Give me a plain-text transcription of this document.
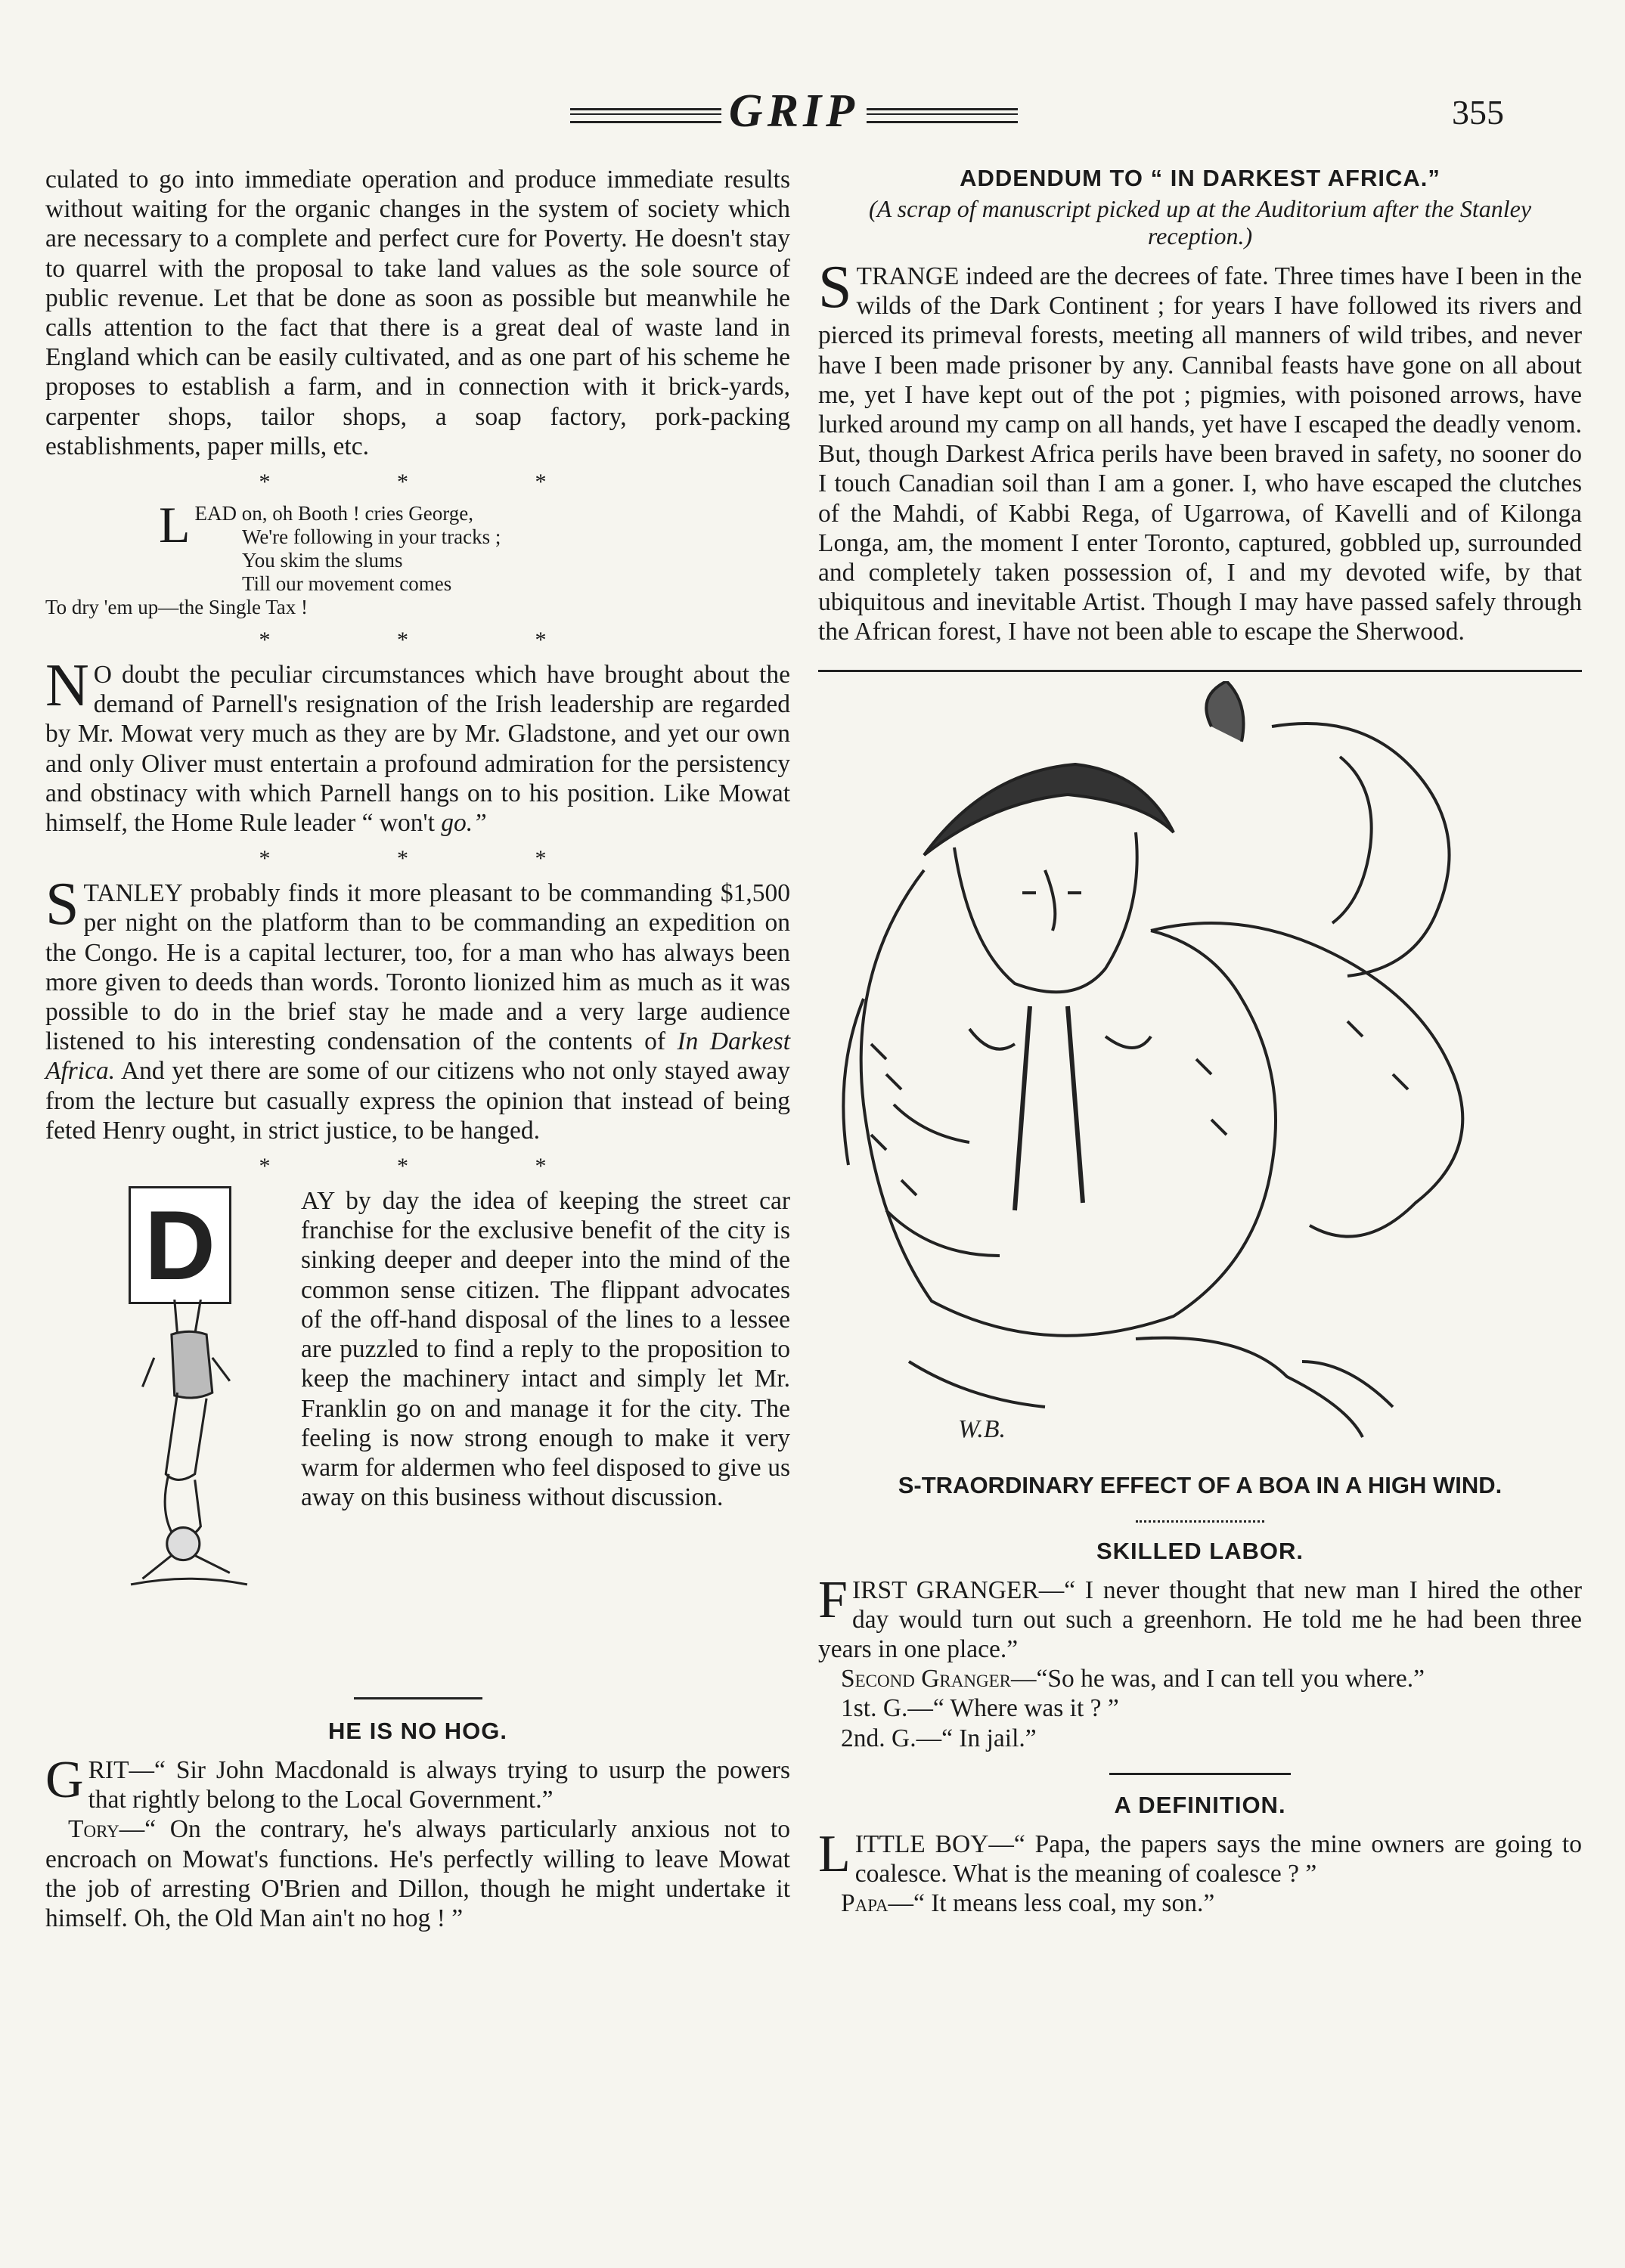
GRIP	355

culated to go into immediate operation and produce immediate results without waiting for the organic changes in the system of society which are necessary to a complete and perfect cure for Poverty. He doesn't stay to quarrel with the proposal to take land values as the sole source of public revenue. Let that be done as soon as possible but meanwhile he calls attention to the fact that there is a great deal of waste land in England which can be easily cultivated, and as one part of his scheme he proposes to establish a farm, and in connection with it brick-yards, carpenter shops, tailor shops, a soap factory, pork-packing establishments, paper mills, etc.

* * *
L EAD on, oh Booth ! cries George,
We're following in your tracks ;
You skim the slums
Till our movement comes
To dry 'em up—the Single Tax !
* * *

N O doubt the peculiar circumstances which have brought about the demand of Parnell's resignation of the Irish leadership are regarded by Mr. Mowat very much as they are by Mr. Gladstone, and yet our own and only Oliver must entertain a profound admiration for the persistency and obstinacy with which Parnell hangs on to his position. Like Mowat himself, the Home Rule leader “ won't go.”

* * *

STANLEY probably finds it more pleasant to be commanding $1,500 per night on the platform than to be commanding an expedition on the Congo. He is a capital lecturer, too, for a man who has always been more given to deeds than words. Toronto lionized him as much as it was possible to do in the brief stay he made and a very large audience listened to his interesting condensation of the contents of In Darkest Africa. And yet there are some of our citizens who not only stayed away from the lecture but casually express the opinion that instead of being feted Henry ought, in strict justice, to be hanged.

* * *
D	AY by day the idea of keeping the street car franchise for the exclusive benefit of the city is sinking deeper and deeper into the mind of the common sense citizen. The flippant advocates of the off-hand disposal of the lines to a lessee are puzzled to find a reply to the proposition to keep the machinery intact and simply let Mr. Franklin go on and manage it for the city. The feeling is now strong enough to make it very warm for aldermen who feel disposed to give us away on this business without discussion.

HE IS NO HOG.

GRIT—“ Sir John Macdonald is always trying to usurp the powers that rightly belong to the Local Government.”

Tory—“ On the contrary, he's always particularly anxious not to encroach on Mowat's functions. He's perfectly willing to leave Mowat the job of arresting O'Brien and Dillon, though he might undertake it himself. Oh, the Old Man ain't no hog ! ”

ADDENDUM TO “ IN DARKEST AFRICA.”
(A scrap of manuscript picked up at the Auditorium after the Stanley reception.)

STRANGE indeed are the decrees of fate. Three times have I been in the wilds of the Dark Continent ; for years I have followed its rivers and pierced its primeval forests, meeting all manners of wild tribes, and never have I been made prisoner by any. Cannibal feasts have gone on all about me, yet I have kept out of the pot ; pigmies, with poisoned arrows, have lurked around my camp on all hands, yet have I escaped the deadly venom. But, though Darkest Africa perils have been braved in safety, no sooner do I touch Canadian soil than I am a goner. I, who have escaped the clutches of the Mahdi, of Kabbi Rega, of Ugarrowa, of Kavelli and of Kilonga Longa, am, the moment I enter Toronto, captured, gobbled up, surrounded and completely taken possession of, I and my devoted wife, by that ubiquitous and inevitable Artist. Though I may have passed safely through the African forest, I have not been able to escape the Sherwood.

W.B.
S-TRAORDINARY EFFECT OF A BOA IN A HIGH WIND.
SKILLED LABOR.

FIRST GRANGER—“ I never thought that new man I hired the other day would turn out such a greenhorn. He told me he had been three years in one place.”

Second Granger—“So he was, and I can tell you where.”

1st. G.—“ Where was it ? ”

2nd. G.—“ In jail.”

A DEFINITION.

LITTLE BOY—“ Papa, the papers says the mine owners are going to coalesce. What is the meaning of coalesce ? ”

Papa—“ It means less coal, my son.”
